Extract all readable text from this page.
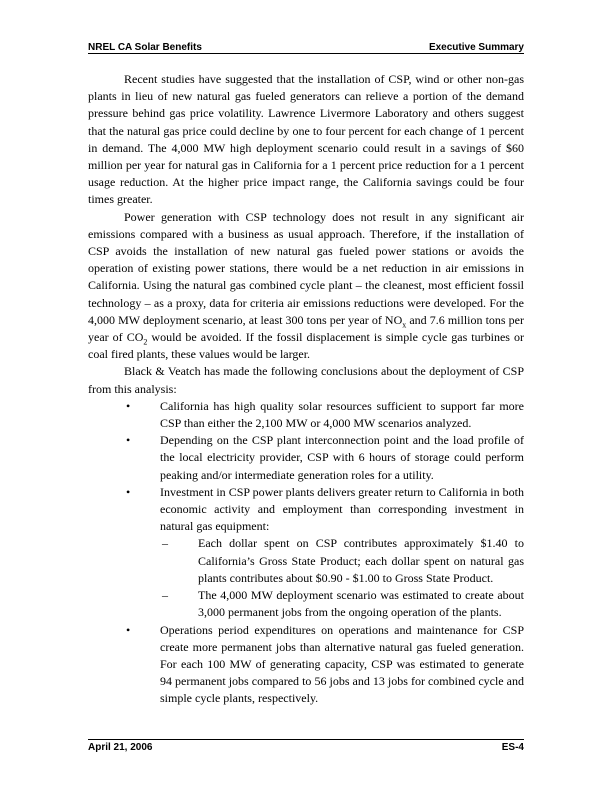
NREL CA Solar Benefits	Executive Summary

Recent studies have suggested that the installation of CSP, wind or other non-gas plants in lieu of new natural gas fueled generators can relieve a portion of the demand pressure behind gas price volatility. Lawrence Livermore Laboratory and others suggest that the natural gas price could decline by one to four percent for each change of 1 percent in demand. The 4,000 MW high deployment scenario could result in a savings of $60 million per year for natural gas in California for a 1 percent price reduction for a 1 percent usage reduction. At the higher price impact range, the California savings could be four times greater.

Power generation with CSP technology does not result in any significant air emissions compared with a business as usual approach. Therefore, if the installation of CSP avoids the installation of new natural gas fueled power stations or avoids the operation of existing power stations, there would be a net reduction in air emissions in California. Using the natural gas combined cycle plant – the cleanest, most efficient fossil technology – as a proxy, data for criteria air emissions reductions were developed. For the 4,000 MW deployment scenario, at least 300 tons per year of $NO_x$ and 7.6 million tons per year of $CO_2$ would be avoided. If the fossil displacement is simple cycle gas turbines or coal fired plants, these values would be larger.

Black & Veatch has made the following conclusions about the deployment of CSP from this analysis:

• California has high quality solar resources sufficient to support far more CSP than either the 2,100 MW or 4,000 MW scenarios analyzed.
• Depending on the CSP plant interconnection point and the load profile of the local electricity provider, CSP with 6 hours of storage could perform peaking and/or intermediate generation roles for a utility.
• Investment in CSP power plants delivers greater return to California in both economic activity and employment than corresponding investment in natural gas equipment:
–	Each dollar spent on CSP contributes approximately $1.40 to California’s Gross State Product; each dollar spent on natural gas plants contributes about $0.90 - $1.00 to Gross State Product.
–	The 4,000 MW deployment scenario was estimated to create about 3,000 permanent jobs from the ongoing operation of the plants.
• Operations period expenditures on operations and maintenance for CSP create more permanent jobs than alternative natural gas fueled generation. For each 100 MW of generating capacity, CSP was estimated to generate 94 permanent jobs compared to 56 jobs and 13 jobs for combined cycle and simple cycle plants, respectively.
April 21, 2006	ES-4
